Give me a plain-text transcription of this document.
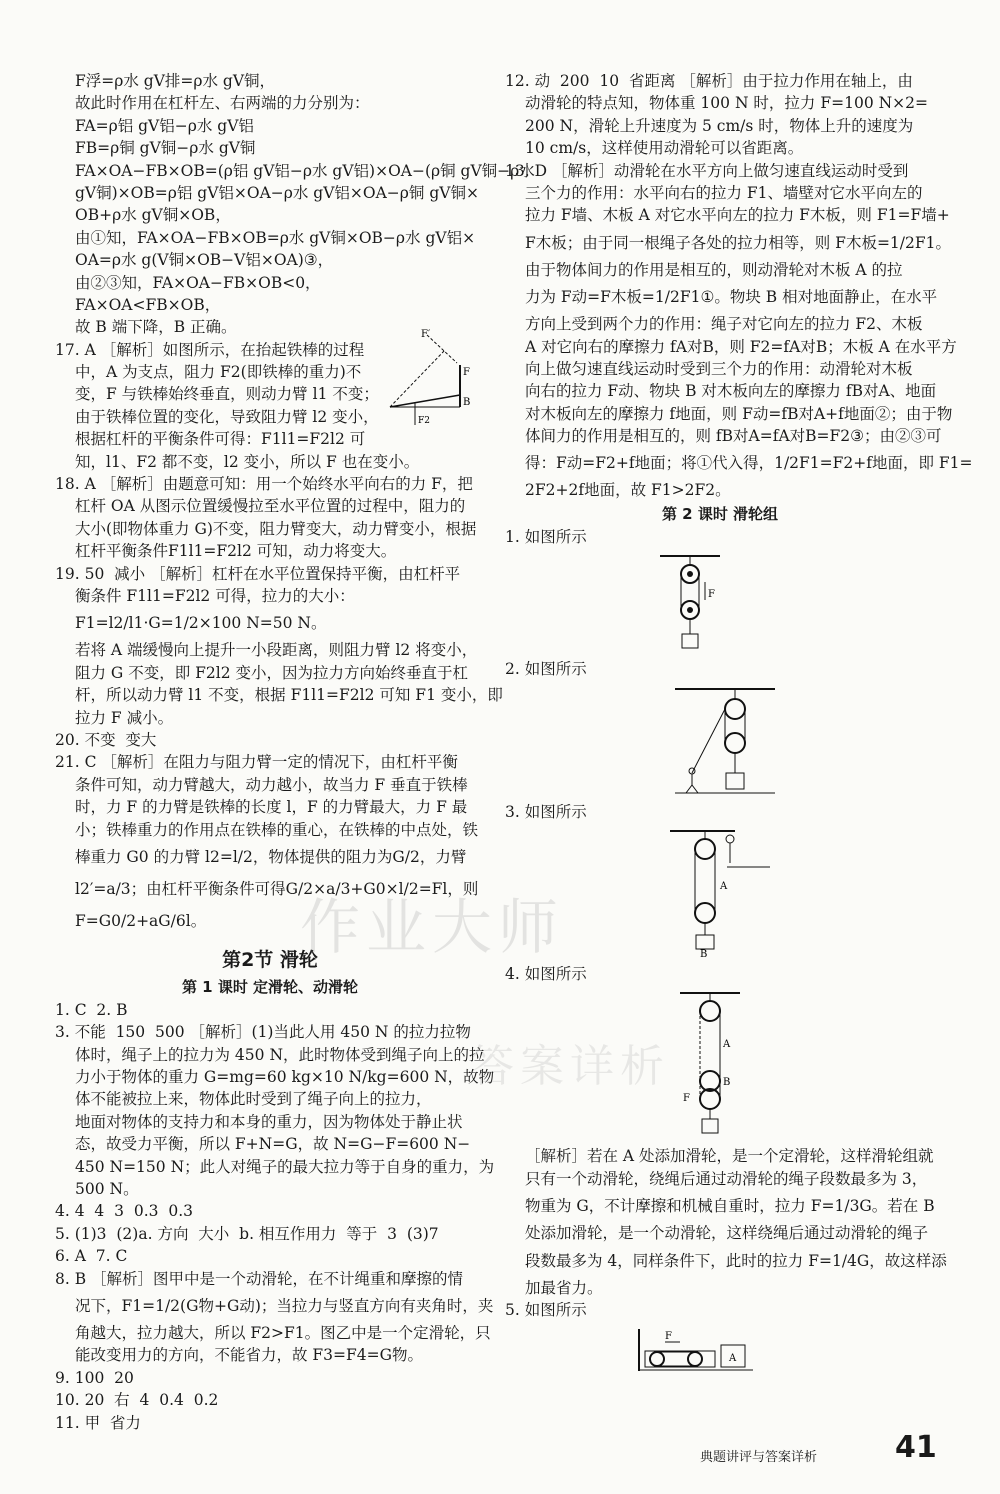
F浮=ρ水 gV排=ρ水 gV铜，
故此时作用在杠杆左、右两端的力分别为：
FA=ρ铝 gV铝−ρ水 gV铝
FB=ρ铜 gV铜−ρ水 gV铜
FA×OA−FB×OB=(ρ铝 gV铝−ρ水 gV铝)×OA−(ρ铜 gV铜−ρ水
gV铜)×OB=ρ铝 gV铝×OA−ρ水 gV铝×OA−ρ铜 gV铜×
OB+ρ水 gV铜×OB，
由①知，FA×OA−FB×OB=ρ水 gV铜×OB−ρ水 gV铝×
OA=ρ水 g(V铜×OB−V铝×OA)③，
由②③知，FA×OA−FB×OB<0，
FA×OA<FB×OB，
故 B 端下降，B 正确。
17. A ［解析］如图所示，在抬起铁棒的过程
中，A 为支点，阻力 F2(即铁棒的重力)不
变，F 与铁棒始终垂直，则动力臂 l1 不变；
由于铁棒位置的变化，导致阻力臂 l2 变小，
根据杠杆的平衡条件可得：F1l1=F2l2 可
知，l1、F2 都不变，l2 变小，所以 F 也在变小。
18. A ［解析］由题意可知：用一个始终水平向右的力 F，把
杠杆 OA 从图示位置缓慢拉至水平位置的过程中，阻力的
大小(即物体重力 G)不变，阻力臂变大，动力臂变小，根据
杠杆平衡条件F1l1=F2l2 可知，动力将变大。
19. 50  减小 ［解析］杠杆在水平位置保持平衡，由杠杆平
衡条件 F1l1=F2l2 可得，拉力的大小：
F1=l2/l1·G=1/2×100 N=50 N。
若将 A 端缓慢向上提升一小段距离，则阻力臂 l2 将变小，
阻力 G 不变，即 F2l2 变小，因为拉力方向始终垂直于杠
杆，所以动力臂 l1 不变，根据 F1l1=F2l2 可知 F1 变小，即
拉力 F 减小。
20. 不变  变大
21. C ［解析］在阻力与阻力臂一定的情况下，由杠杆平衡
条件可知，动力臂越大，动力越小，故当力 F 垂直于铁棒
时，力 F 的力臂是铁棒的长度 l，F 的力臂最大，力 F 最
小；铁棒重力的作用点在铁棒的重心，在铁棒的中点处，铁
棒重力 G0 的力臂 l2=l/2，物体提供的阻力为G/2，力臂
l2′=a/3；由杠杆平衡条件可得G/2×a/3+G0×l/2=Fl，则
F=G0/2+aG/6l。
第2节 滑轮
第 1 课时 定滑轮、动滑轮
1. C  2. B
3. 不能  150  500 ［解析］(1)当此人用 450 N 的拉力拉物
体时，绳子上的拉力为 450 N，此时物体受到绳子向上的拉
力小于物体的重力 G=mg=60 kg×10 N/kg=600 N，故物
体不能被拉上来，物体此时受到了绳子向上的拉力，
地面对物体的支持力和本身的重力，因为物体处于静止状
态，故受力平衡，所以 F+N=G，故 N=G−F=600 N−
450 N=150 N；此人对绳子的最大拉力等于自身的重力，为
500 N。
4. 4  4  3  0.3  0.3
5. (1)3  (2)a. 方向  大小  b. 相互作用力  等于  3  (3)7
6. A  7. C
8. B ［解析］图甲中是一个动滑轮，在不计绳重和摩擦的情
况下，F1=1/2(G物+G动)；当拉力与竖直方向有夹角时，夹
角越大，拉力越大，所以 F2>F1。图乙中是一个定滑轮，只
能改变用力的方向，不能省力，故 F3=F4=G物。
9. 100  20
10. 20  右  4  0.4  0.2
11. 甲  省力
F′
F
B
F2
12. 动  200  10  省距离 ［解析］由于拉力作用在轴上，由
动滑轮的特点知，物体重 100 N 时，拉力 F=100 N×2=
200 N，滑轮上升速度为 5 cm/s 时，物体上升的速度为
10 cm/s，这样使用动滑轮可以省距离。
13. D ［解析］动滑轮在水平方向上做匀速直线运动时受到
三个力的作用：水平向右的拉力 F1、墙壁对它水平向左的
拉力 F墙、木板 A 对它水平向左的拉力 F木板，则 F1=F墙+
F木板；由于同一根绳子各处的拉力相等，则 F木板=1/2F1。
由于物体间力的作用是相互的，则动滑轮对木板 A 的拉
力为 F动=F木板=1/2F1①。物块 B 相对地面静止，在水平
方向上受到两个力的作用：绳子对它向左的拉力 F2、木板
A 对它向右的摩擦力 fA对B，则 F2=fA对B；木板 A 在水平方
向上做匀速直线运动时受到三个力的作用：动滑轮对木板
向右的拉力 F动、物块 B 对木板向左的摩擦力 fB对A、地面
对木板向左的摩擦力 f地面，则 F动=fB对A+f地面②；由于物
体间力的作用是相互的，则 fB对A=fA对B=F2③；由②③可
得：F动=F2+f地面；将①代入得，1/2F1=F2+f地面，即 F1=
2F2+2f地面，故 F1>2F2。
第 2 课时 滑轮组
1. 如图所示
F
2. 如图所示
3. 如图所示
A
B
4. 如图所示
A
B
F
［解析］若在 A 处添加滑轮，是一个定滑轮，这样滑轮组就
只有一个动滑轮，绕绳后通过动滑轮的绳子段数最多为 3，
物重为 G，不计摩擦和机械自重时，拉力 F=1/3G。若在 B
处添加滑轮，是一个动滑轮，这样绕绳后通过动滑轮的绳子
段数最多为 4，同样条件下，此时的拉力 F=1/4G，故这样添
加最省力。
5. 如图所示
F
A
作业大师
答案详析
典题讲评与答案详析	41
